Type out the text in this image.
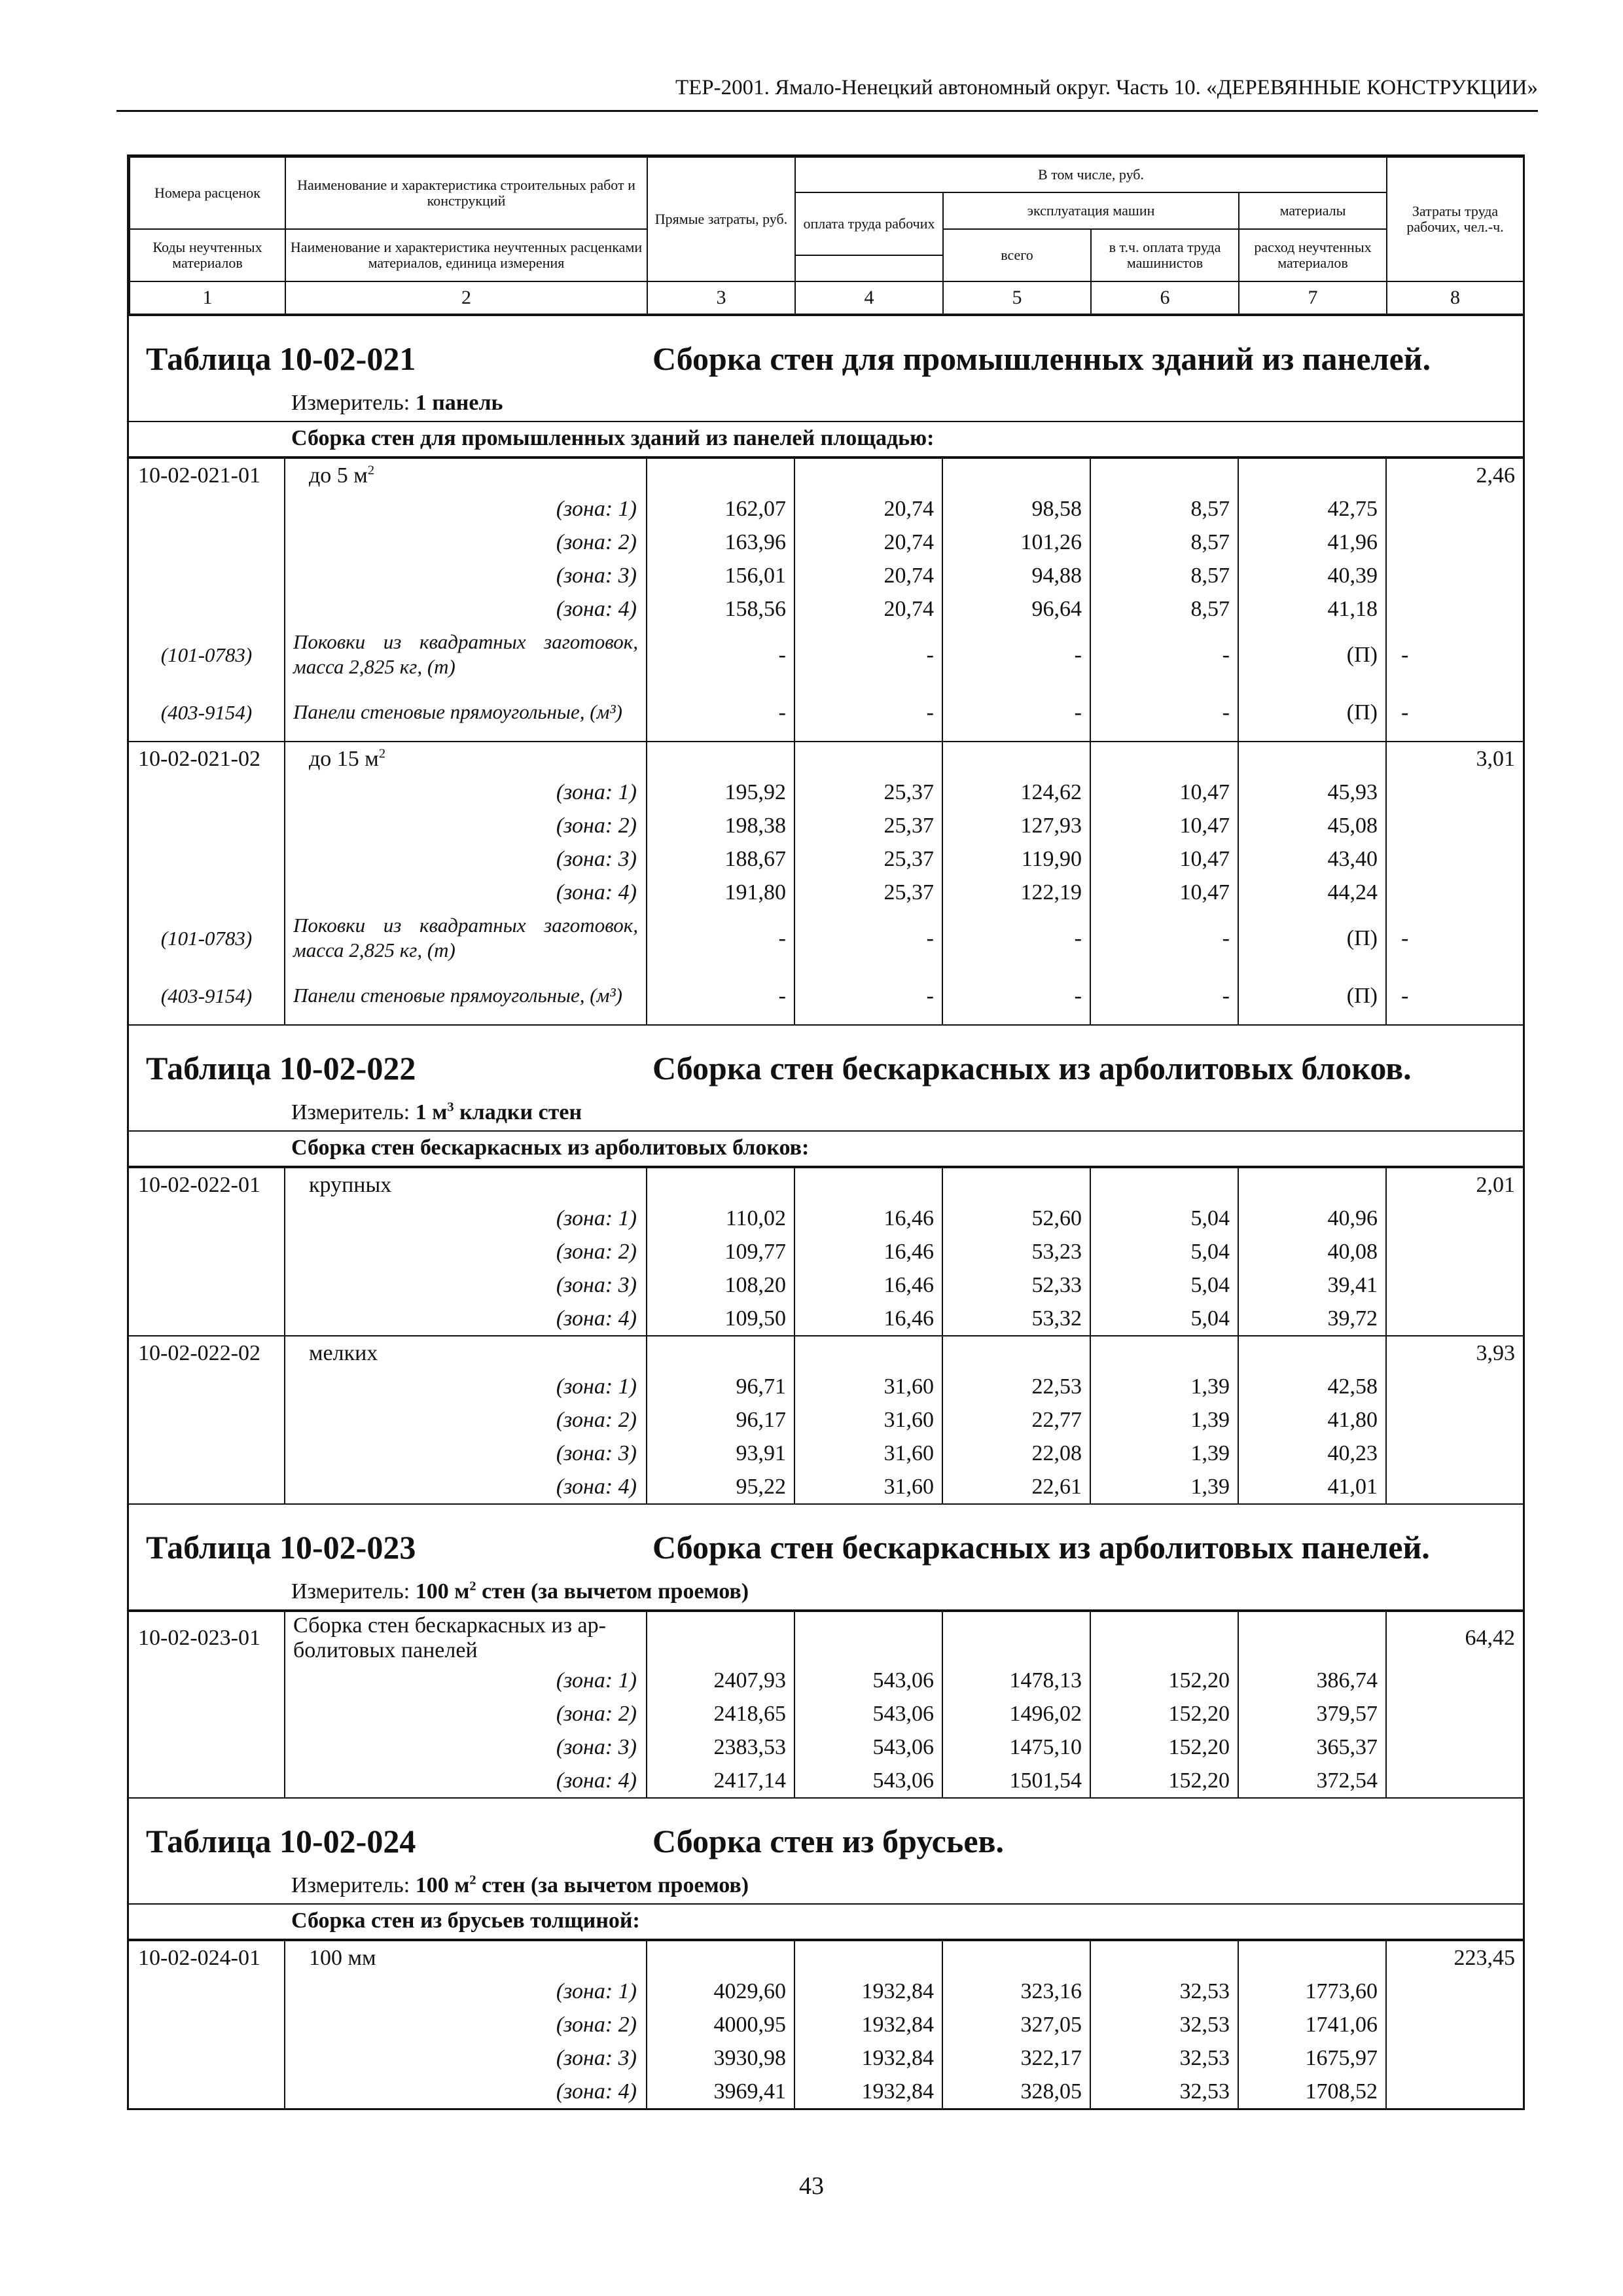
ТЕР-2001. Ямало-Ненецкий автономный округ. Часть 10. «ДЕРЕВЯННЫЕ КОНСТРУКЦИИ»
Номера расценок	Наименование и характеристика строительных работ и конструкций	Прямые затраты, руб.	В том числе, руб.				Затраты труда рабочих, чел.-ч.
			оплата труда рабочих	эксплуатация машин		материалы	

Коды неучтенных материалов	Наименование и характеристика неучтенных расценками материалов, единица измерения			всего	в т.ч. оплата труда машинистов	расход неучтенных материалов	

1	2	3	4	5	6	7	8
Таблица 10-02-021	Сборка стен для промышленных зданий из панелей.
Измеритель: 1 панель
Сборка стен для промышленных зданий из панелей площадью:
10-02-021-01	до 5 $м^2$						2,46
	(зона: 1)	162,07	20,74	98,58	8,57	42,75	
	(зона: 2)	163,96	20,74	101,26	8,57	41,96	
	(зона: 3)	156,01	20,74	94,88	8,57	40,39	
	(зона: 4)	158,56	20,74	96,64	8,57	41,18	
(101-0783)	Поковки из квадратных заготовок, масса 2,825 кг, (т)	-	-	-	-	(П)	-
(403-9154)	Панели стеновые прямоугольные, (м³)	-	-	-	-	(П)	-
10-02-021-02	до 15 $м^2$						3,01
	(зона: 1)	195,92	25,37	124,62	10,47	45,93	
	(зона: 2)	198,38	25,37	127,93	10,47	45,08	
	(зона: 3)	188,67	25,37	119,90	10,47	43,40	
	(зона: 4)	191,80	25,37	122,19	10,47	44,24	
(101-0783)	Поковки из квадратных заготовок, масса 2,825 кг, (т)	-	-	-	-	(П)	-
(403-9154)	Панели стеновые прямоугольные, (м³)	-	-	-	-	(П)	-
Таблица 10-02-022	Сборка стен бескаркасных из арболитовых блоков.
Измеритель: 1 $м^3$ кладки стен
Сборка стен бескаркасных из арболитовых блоков:
10-02-022-01	крупных						2,01
	(зона: 1)	110,02	16,46	52,60	5,04	40,96	
	(зона: 2)	109,77	16,46	53,23	5,04	40,08	
	(зона: 3)	108,20	16,46	52,33	5,04	39,41	
	(зона: 4)	109,50	16,46	53,32	5,04	39,72	
10-02-022-02	мелких						3,93
	(зона: 1)	96,71	31,60	22,53	1,39	42,58	
	(зона: 2)	96,17	31,60	22,77	1,39	41,80	
	(зона: 3)	93,91	31,60	22,08	1,39	40,23	
	(зона: 4)	95,22	31,60	22,61	1,39	41,01	
Таблица 10-02-023	Сборка стен бескаркасных из арболитовых панелей.
Измеритель: 100 $м^2$ стен (за вычетом проемов)
10-02-023-01	Сборка стен бескаркасных из ар-болитовых панелей						64,42
	(зона: 1)	2407,93	543,06	1478,13	152,20	386,74	
	(зона: 2)	2418,65	543,06	1496,02	152,20	379,57	
	(зона: 3)	2383,53	543,06	1475,10	152,20	365,37	
	(зона: 4)	2417,14	543,06	1501,54	152,20	372,54	
Таблица 10-02-024	Сборка стен из брусьев.
Измеритель: 100 $м^2$ стен (за вычетом проемов)
Сборка стен из брусьев толщиной:
10-02-024-01	100 мм						223,45
	(зона: 1)	4029,60	1932,84	323,16	32,53	1773,60	
	(зона: 2)	4000,95	1932,84	327,05	32,53	1741,06	
	(зона: 3)	3930,98	1932,84	322,17	32,53	1675,97	
	(зона: 4)	3969,41	1932,84	328,05	32,53	1708,52	
43
